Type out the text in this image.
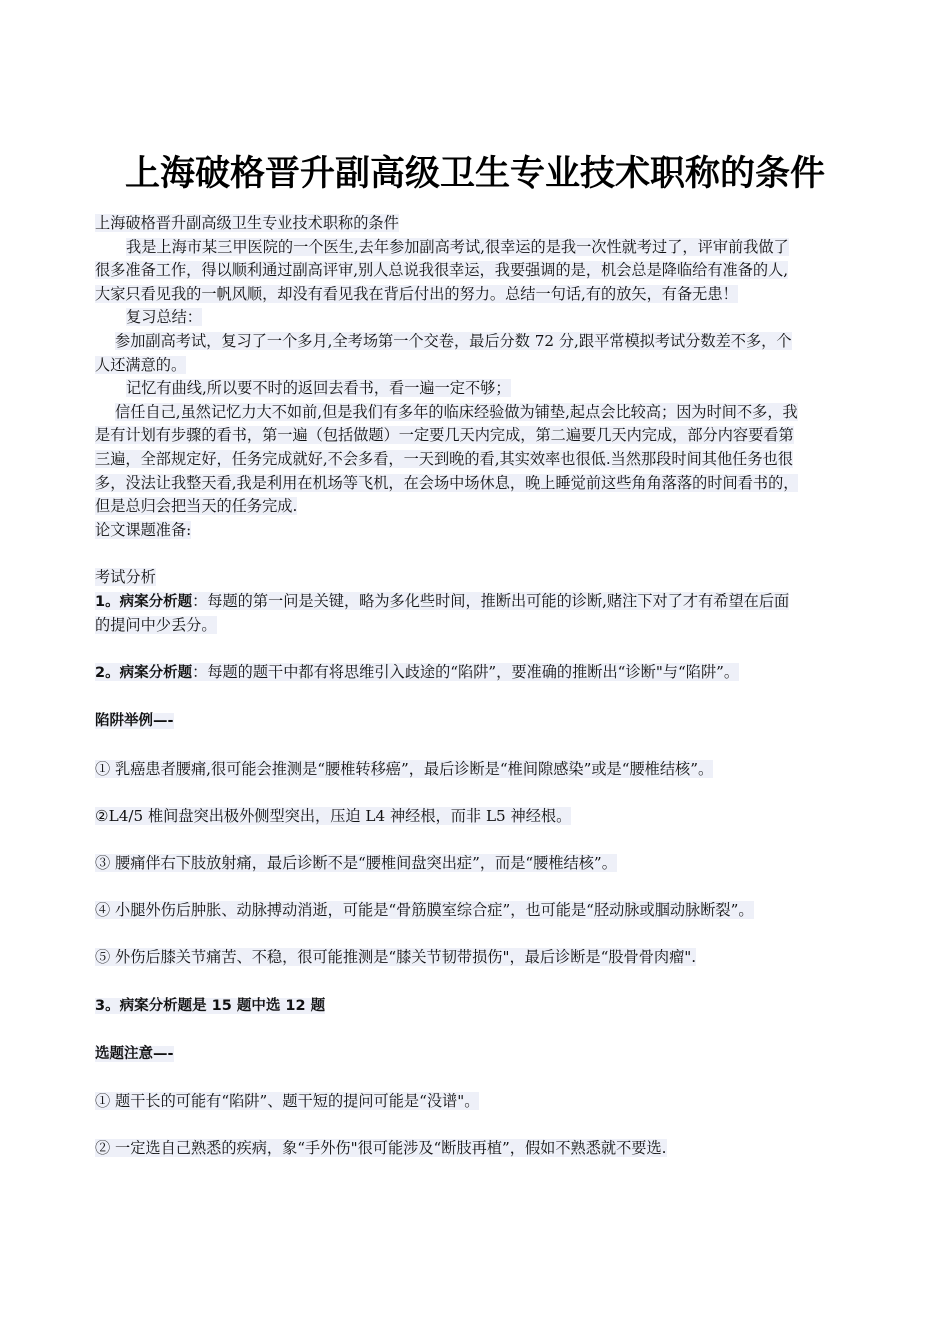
上海破格晋升副高级卫生专业技术职称的条件
上海破格晋升副高级卫生专业技术职称的条件
我是上海市某三甲医院的一个医生,去年参加副高考试,很幸运的是我一次性就考过了，评审前我做了
很多准备工作，得以顺利通过副高评审,别人总说我很幸运，我要强调的是，机会总是降临给有准备的人,
大家只看见我的一帆风顺，却没有看见我在背后付出的努力。总结一句话,有的放矢，有备无患！
复习总结：
参加副高考试，复习了一个多月,全考场第一个交卷，最后分数 72 分,跟平常模拟考试分数差不多，个
人还满意的。
记忆有曲线,所以要不时的返回去看书，看一遍一定不够；
信任自己,虽然记忆力大不如前,但是我们有多年的临床经验做为铺垫,起点会比较高；因为时间不多，我
是有计划有步骤的看书，第一遍（包括做题）一定要几天内完成，第二遍要几天内完成，部分内容要看第
三遍，全部规定好，任务完成就好,不会多看，一天到晚的看,其实效率也很低.当然那段时间其他任务也很
多，没法让我整天看,我是利用在机场等飞机，在会场中场休息，晚上睡觉前这些角角落落的时间看书的，
但是总归会把当天的任务完成.
论文课题准备:
考试分析
1。病案分析题：每题的第一问是关键，略为多化些时间，推断出可能的诊断,赌注下对了才有希望在后面
的提问中少丢分。
2。病案分析题：每题的题干中都有将思维引入歧途的“陷阱”，要准确的推断出“诊断"与“陷阱”。
陷阱举例—-
① 乳癌患者腰痛,很可能会推测是“腰椎转移癌”，最后诊断是“椎间隙感染”或是“腰椎结核”。
②L4/5 椎间盘突出极外侧型突出，压迫 L4 神经根，而非 L5 神经根。
③ 腰痛伴右下肢放射痛，最后诊断不是“腰椎间盘突出症”，而是“腰椎结核”。
④ 小腿外伤后肿胀、动脉搏动消逝，可能是“骨筋膜室综合症”，也可能是“胫动脉或腘动脉断裂”。
⑤ 外伤后膝关节痛苦、不稳，很可能推测是“膝关节韧带损伤"，最后诊断是“股骨骨肉瘤".
3。病案分析题是 15 题中选 12 题
选题注意—-
① 题干长的可能有“陷阱”、题干短的提问可能是“没谱"。
② 一定选自己熟悉的疾病，象“手外伤"很可能涉及“断肢再植”，假如不熟悉就不要选.
